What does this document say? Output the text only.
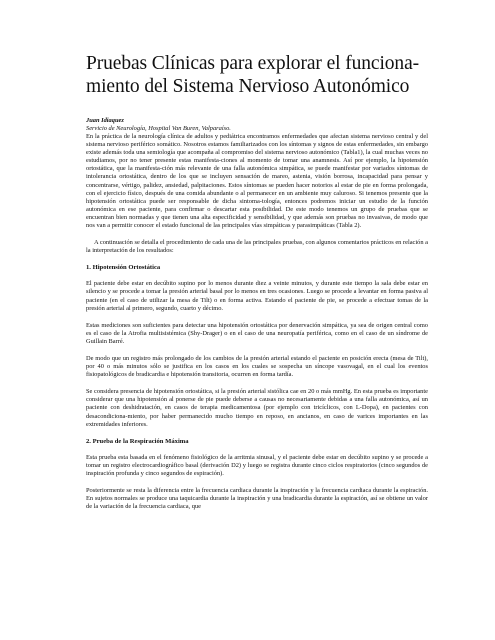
Pruebas Clínicas para explorar el funciona-
miento del Sistema Nervioso Autonómico
Juan Idiaquez
Servicio de Neurología, Hospital Van Buren, Valparaíso.

En la práctica de la neurología clínica de adultos y pediátrica encontramos enfermedades que afectan sistema nervioso central y del sistema nervioso periférico somático. Nosotros estamos familiarizados con los síntomas y signos de estas enfermedades, sin embargo existe además toda una semiología que acompaña al compromiso del sistema nervioso autonómico (Tabla1), la cual muchas veces no estudiamos, por no tener presente estas manifesta-ciones al momento de tomar una anamnesis. Así por ejemplo, la hipotensión ortostática, que la manifesta-ción más relevante de una falla autonómica simpática, se puede manifestar por variados síntomas de intolerancia ortostática, dentro de los que se incluyen sensación de mareo, astenia, visión borrosa, incapacidad para pensar y concentrarse, vértigo, palidez, ansiedad, palpitaciones. Estos síntomas se pueden hacer notorios al estar de pie en forma prolongada, con el ejercicio físico, después de una comida abundante o al permanecer en un ambiente muy caluroso. Si tenemos presente que la hipotensión ortostática puede ser responsable de dicha sintoma-tología, entonces podremos iniciar un estudio de la función autonómica en ese paciente, para confirmar o descartar esta posibilidad. De este modo tenemos un grupo de pruebas que se encuentran bien normadas y que tienen una alta especificidad y sensibilidad, y que además son pruebas no invasivas, de modo que nos van a permitir conocer el estado funcional de las principales vías simpáticas y parasimpáticas (Tabla 2).

A continuación se detalla el procedimiento de cada una de las principales pruebas, con algunos comentarios prácticos en relación a la interpretación de los resultados:

1. Hipotensión Ortostática

El paciente debe estar en decúbito supino por lo menos durante diez a veinte minutos, y durante este tiempo la sala debe estar en silencio y se procede a tomar la presión arterial basal por lo menos en tres ocasiones. Luego se procede a levantar en forma pasiva al paciente (en el caso de utilizar la mesa de Tilt) o en forma activa. Estando el paciente de pie, se procede a efectuar tomas de la presión arterial al primero, segundo, cuarto y décimo.

Estas mediciones son suficientes para detectar una hipotensión ortostática por denervación simpática, ya sea de origen central como es el caso de la Atrofia multisistémica (Shy-Drager) o en el caso de una neuropatía periférica, como en el caso de un síndrome de Guillain Barré.

De modo que un registro más prolongado de los cambios de la presión arterial estando el paciente en posición erecta (mesa de Tilt), por 40 o más minutos sólo se justifica en los casos en los cuales se sospecha un síncope vasovagal, en el cual los eventos fisiopatológicos de bradicardia e hipotensión transitoria, ocurren en forma tardía.

Se considera presencia de hipotensión ortostática, si la presión arterial sistólica cae en 20 o más mmHg. En esta prueba es importante considerar que una hipotensión al ponerse de pie puede deberse a causas no necesariamente debidas a una falla autonómica, así un paciente con deshidratación, en casos de terapia medicamentosa (por ejemplo con tricíclicos, con L-Dopa), en pacientes con desacondiciona-miento, por haber permanecido mucho tiempo en reposo, en ancianos, en caso de varices importantes en las extremidades inferiores.

2. Prueba de la Respiración Máxima

Esta prueba esta basada en el fenómeno fisiológico de la arritmia sinusal, y el paciente debe estar en decúbito supino y se procede a tomar un registro electrocardiográfico basal (derivación D2) y luego se registra durante cinco ciclos respiratorios (cinco segundos de inspiración profunda y cinco segundos de espiración).

Posteriormente se resta la diferencia entre la frecuencia cardiaca durante la inspiración y la frecuencia cardiaca durante la espiración. En sujetos normales se produce una taquicardia durante la inspiración y una bradicardia durante la espiración, así se obtiene un valor de la variación de la frecuencia cardiaca, que
